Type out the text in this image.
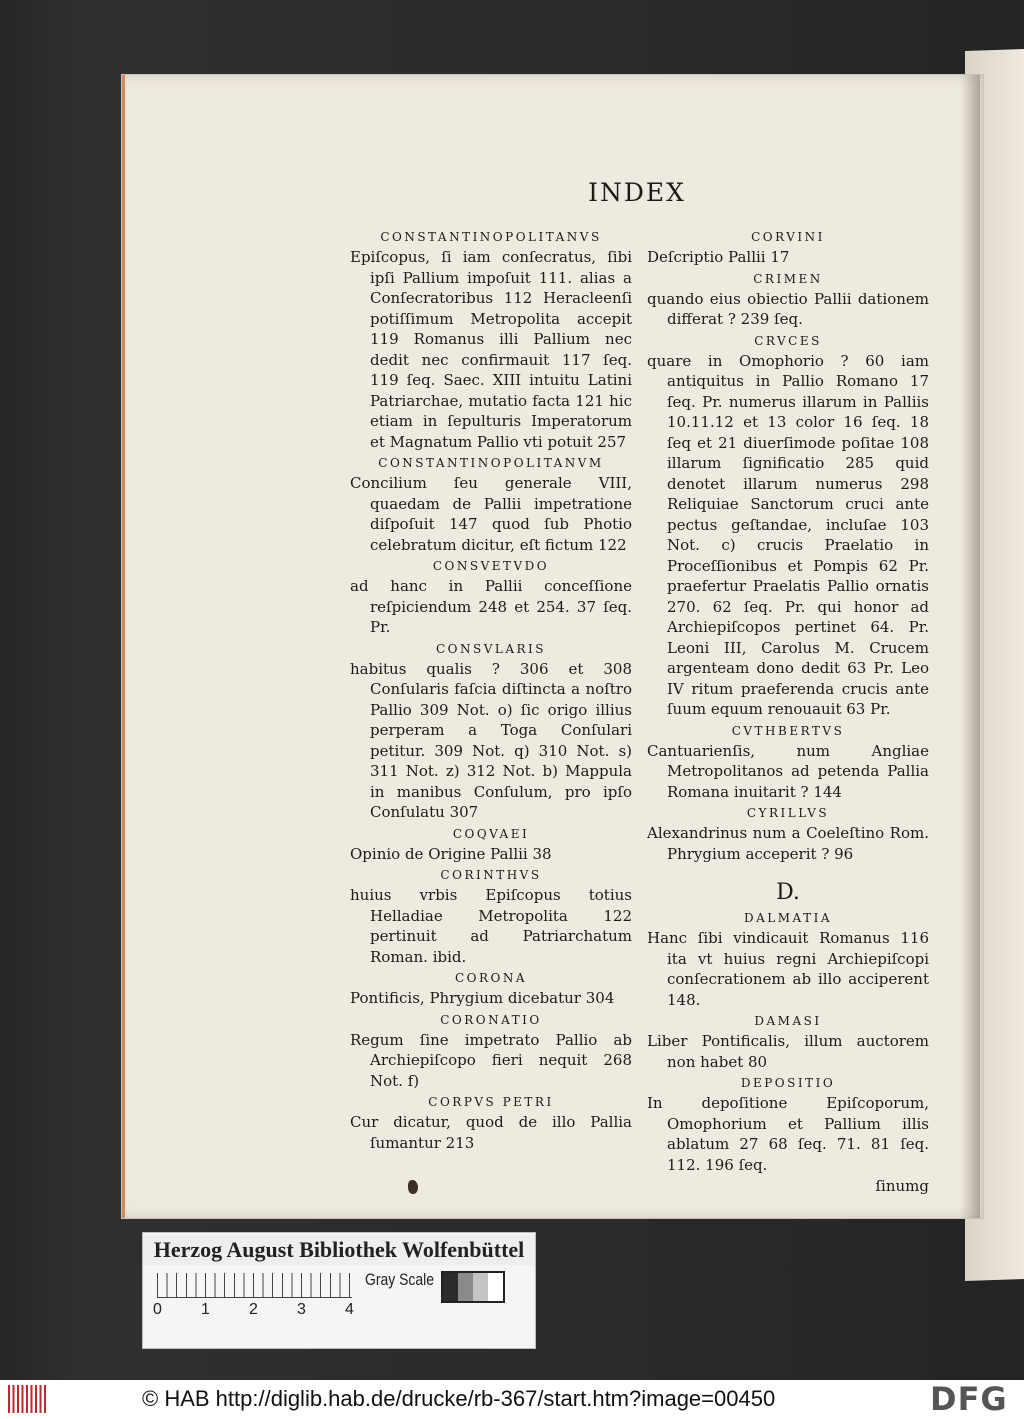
INDEX
CONSTANTINOPOLITANVS
Epiſcopus, ſi iam conſecratus, ſibi ipſi Pallium impoſuit 111. alias a Conſecratoribus 112 Heracleenſi potiſſimum Metropolita accepit 119 Romanus illi Pallium nec dedit nec confirmauit 117 ſeq. 119 ſeq. Saec. XIII intuitu Latini Patriarchae, mutatio facta 121 hic etiam in ſepulturis Imperatorum et Magnatum Pallio vti potuit 257
CONSTANTINOPOLITANVM
Concilium ſeu generale VIII, quaedam de Pallii impetratione diſpoſuit 147 quod ſub Photio celebratum dicitur, eſt fictum 122
CONSVETVDO
ad hanc in Pallii conceſſione reſpiciendum 248 et 254. 37 ſeq. Pr.
CONSVLARIS
habitus qualis ? 306 et 308 Conſularis faſcia diſtincta a noſtro Pallio 309 Not. o) ſic origo illius perperam a Toga Conſulari petitur. 309 Not. q) 310 Not. s) 311 Not. z) 312 Not. b) Mappula in manibus Conſulum, pro ipſo Conſulatu 307
COQVAEI
Opinio de Origine Pallii 38
CORINTHVS
huius vrbis Epiſcopus totius Helladiae Metropolita 122 pertinuit ad Patriarchatum Roman. ibid.
CORONA
Pontificis, Phrygium dicebatur 304
CORONATIO
Regum ſine impetrato Pallio ab Archiepiſcopo fieri nequit 268 Not. f)
CORPVS PETRI
Cur dicatur, quod de illo Pallia ſumantur 213
CORVINI
Deſcriptio Pallii 17
CRIMEN
quando eius obiectio Pallii dationem differat ? 239 ſeq.
CRVCES
quare in Omophorio ? 60 iam antiquitus in Pallio Romano 17 ſeq. Pr. numerus illarum in Palliis 10.11.12 et 13 color 16 ſeq. 18 ſeq et 21 diuerſimode poſitae 108 illarum ſignificatio 285 quid denotet illarum numerus 298 Reliquiae Sanctorum cruci ante pectus geſtandae, incluſae 103 Not. c) crucis Praelatio in Proceſſionibus et Pompis 62 Pr. praefertur Praelatis Pallio ornatis 270. 62 ſeq. Pr. qui honor ad Archiepiſcopos pertinet 64. Pr. Leoni III, Carolus M. Crucem argenteam dono dedit 63 Pr. Leo IV ritum praeferenda crucis ante ſuum equum renouauit 63 Pr.
CVTHBERTVS
Cantuarienſis, num Angliae Metropolitanos ad petenda Pallia Romana inuitarit ? 144
CYRILLVS
Alexandrinus num a Coeleſtino Rom. Phrygium acceperit ? 96
D.
DALMATIA
Hanc ſibi vindicauit Romanus 116 ita vt huius regni Archiepiſcopi conſecrationem ab illo acciperent 148.
DAMASI
Liber Pontificalis, illum auctorem non habet 80
DEPOSITIO
In depoſitione Epiſcoporum, Omophorium et Pallium illis ablatum 27 68 ſeq. 71. 81 ſeq. 112. 196 ſeq.
ſinumg
Herzog August Bibliothek Wolfenbüttel
0 1 2 3 4
Gray Scale
© HAB http://diglib.hab.de/drucke/rb-367/start.htm?image=00450	DFG
